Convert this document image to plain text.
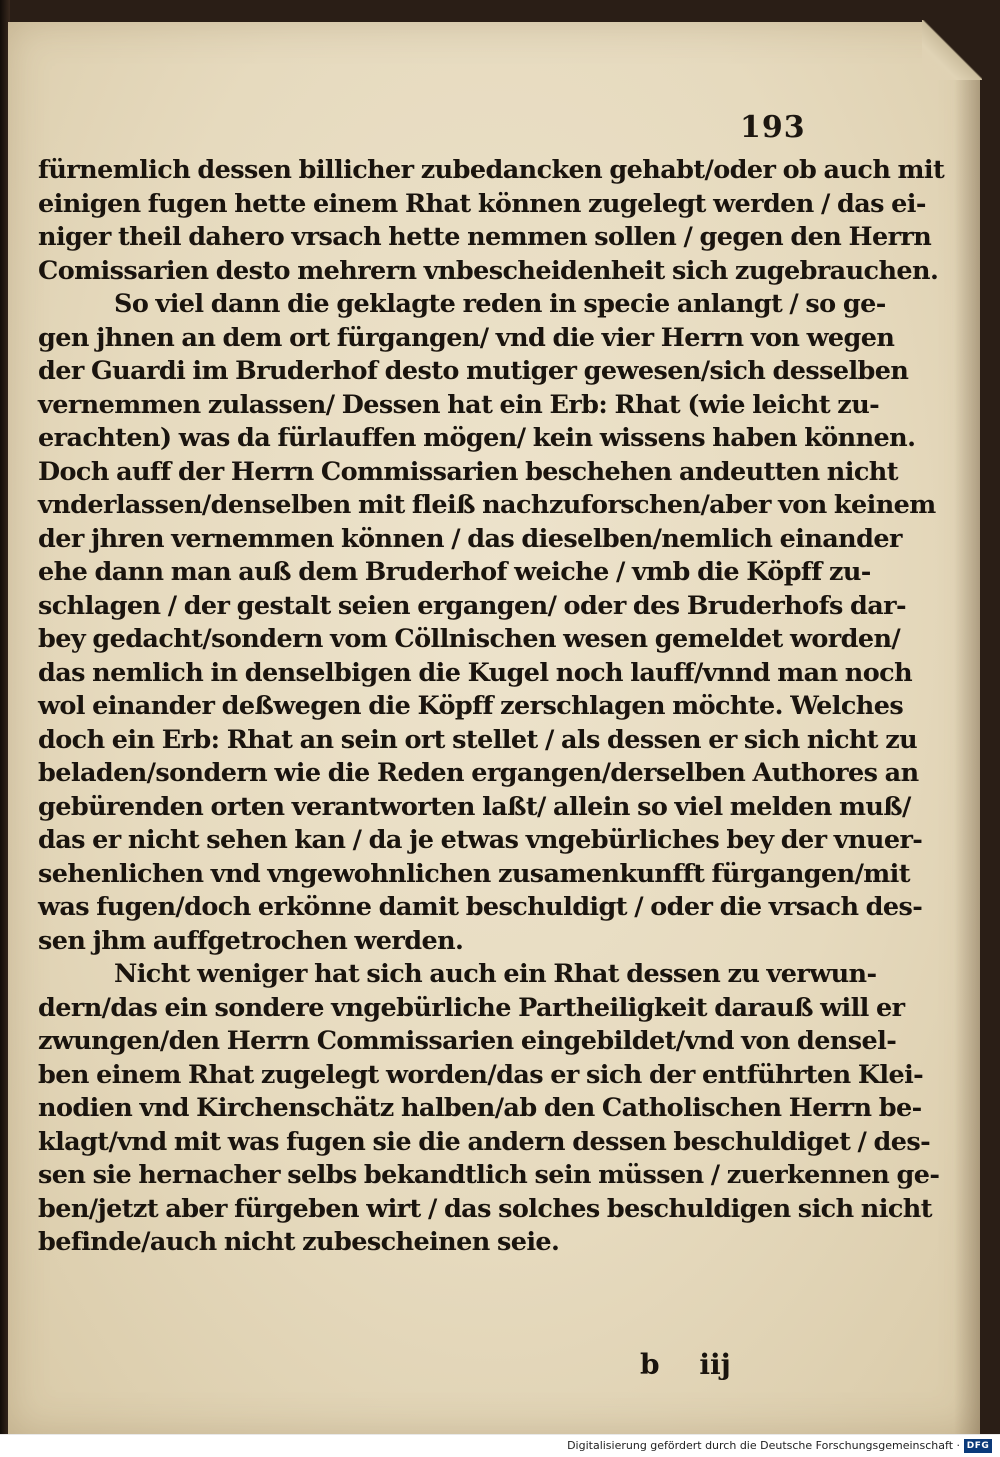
193
fürnemlich dessen billicher zubedancken gehabt/oder ob auch mit
einigen fugen hette einem Rhat können zugelegt werden / das ei-
niger theil dahero vrsach hette nemmen sollen / gegen den Herrn
Comissarien desto mehrern vnbescheidenheit sich zugebrauchen.
So viel dann die geklagte reden in specie anlangt / so ge-
gen jhnen an dem ort fürgangen/ vnd die vier Herrn von wegen
der Guardi im Bruderhof desto mutiger gewesen/sich desselben
vernemmen zulassen/ Dessen hat ein Erb: Rhat (wie leicht zu-
erachten) was da fürlauffen mögen/ kein wissens haben können.
Doch auff der Herrn Commissarien beschehen andeutten nicht
vnderlassen/denselben mit fleiß nachzuforschen/aber von keinem
der jhren vernemmen können / das dieselben/nemlich einander
ehe dann man auß dem Bruderhof weiche / vmb die Köpff zu-
schlagen / der gestalt seien ergangen/ oder des Bruderhofs dar-
bey gedacht/sondern vom Cöllnischen wesen gemeldet worden/
das nemlich in denselbigen die Kugel noch lauff/vnnd man noch
wol einander deßwegen die Köpff zerschlagen möchte. Welches
doch ein Erb: Rhat an sein ort stellet / als dessen er sich nicht zu
beladen/sondern wie die Reden ergangen/derselben Authores an
gebürenden orten verantworten laßt/ allein so viel melden muß/
das er nicht sehen kan / da je etwas vngebürliches bey der vnuer-
sehenlichen vnd vngewohnlichen zusamenkunfft fürgangen/mit
was fugen/doch erkönne damit beschuldigt / oder die vrsach des-
sen jhm auffgetrochen werden.
Nicht weniger hat sich auch ein Rhat dessen zu verwun-
dern/das ein sondere vngebürliche Partheiligkeit darauß will er
zwungen/den Herrn Commissarien eingebildet/vnd von densel-
ben einem Rhat zugelegt worden/das er sich der entführten Klei-
nodien vnd Kirchenschätz halben/ab den Catholischen Herrn be-
klagt/vnd mit was fugen sie die andern dessen beschuldiget / des-
sen sie hernacher selbs bekandtlich sein müssen / zuerkennen ge-
ben/jetzt aber fürgeben wirt / das solches beschuldigen sich nicht
befinde/auch nicht zubescheinen seie.
b iij
Digitalisierung gefördert durch die Deutsche Forschungsgemeinschaft · DFG
